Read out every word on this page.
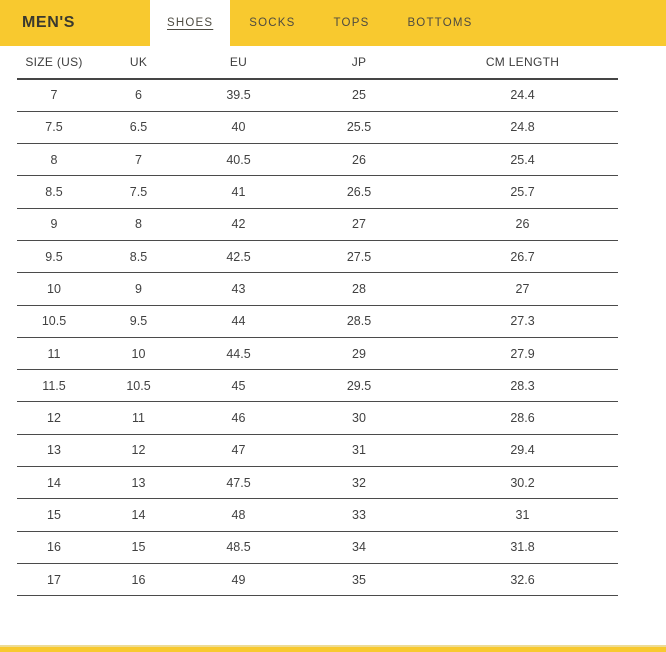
MEN'S	SHOES	SOCKS	TOPS	BOTTOMS
SIZE (US)	UK	EU	JP	CM LENGTH
7	6	39.5	25	24.4
7.5	6.5	40	25.5	24.8
8	7	40.5	26	25.4
8.5	7.5	41	26.5	25.7
9	8	42	27	26
9.5	8.5	42.5	27.5	26.7
10	9	43	28	27
10.5	9.5	44	28.5	27.3
11	10	44.5	29	27.9
11.5	10.5	45	29.5	28.3
12	11	46	30	28.6
13	12	47	31	29.4
14	13	47.5	32	30.2
15	14	48	33	31
16	15	48.5	34	31.8
17	16	49	35	32.6
